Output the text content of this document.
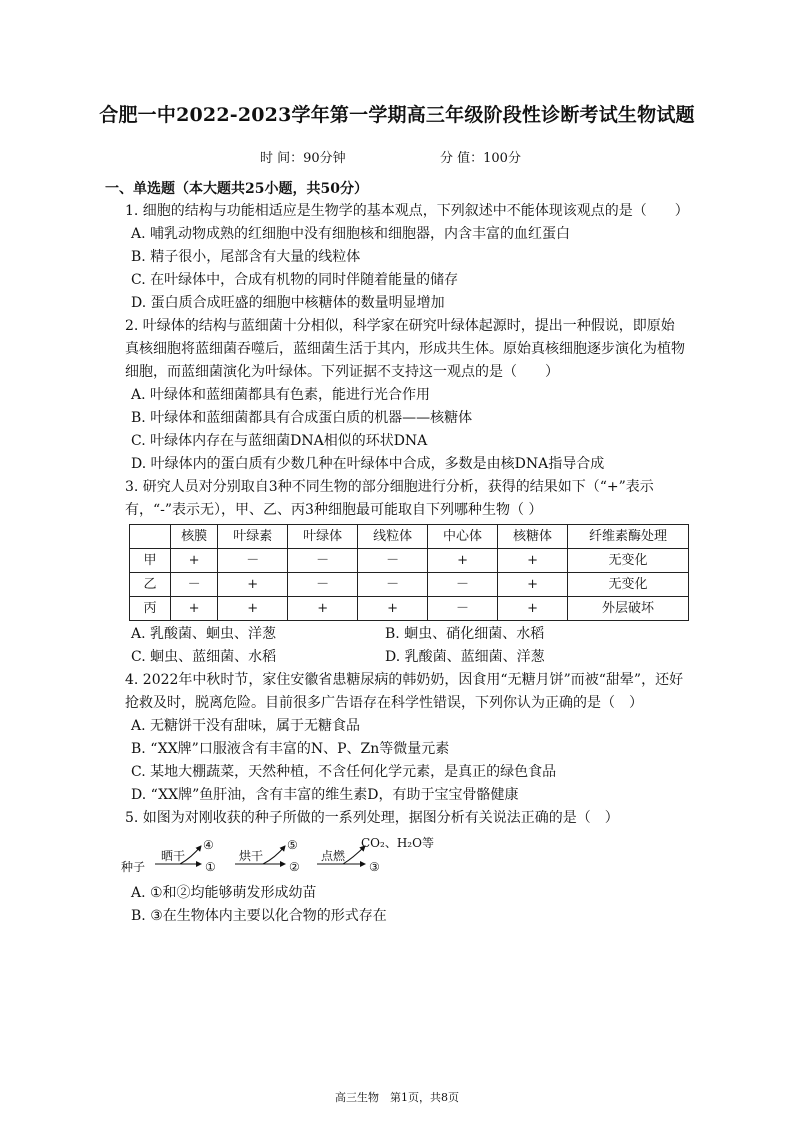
合肥一中2022-2023学年第一学期高三年级阶段性诊断考试生物试题
时 间：90分钟	分 值：100分
一、单选题（本大题共25小题，共50分）

1. 细胞的结构与功能相适应是生物学的基本观点，下列叙述中不能体现该观点的是（　　）

A. 哺乳动物成熟的红细胞中没有细胞核和细胞器，内含丰富的血红蛋白

B. 精子很小，尾部含有大量的线粒体

C. 在叶绿体中，合成有机物的同时伴随着能量的储存

D. 蛋白质合成旺盛的细胞中核糖体的数量明显增加

2. 叶绿体的结构与蓝细菌十分相似，科学家在研究叶绿体起源时，提出一种假说，即原始真核细胞将蓝细菌吞噬后，蓝细菌生活于其内，形成共生体。原始真核细胞逐步演化为植物细胞，而蓝细菌演化为叶绿体。下列证据不支持这一观点的是（　　）

A. 叶绿体和蓝细菌都具有色素，能进行光合作用

B. 叶绿体和蓝细菌都具有合成蛋白质的机器——核糖体

C. 叶绿体内存在与蓝细菌DNA相似的环状DNA

D. 叶绿体内的蛋白质有少数几种在叶绿体中合成，多数是由核DNA指导合成

3. 研究人员对分别取自3种不同生物的部分细胞进行分析，获得的结果如下（“+”表示有，“-”表示无），甲、乙、丙3种细胞最可能取自下列哪种生物（ ）

	核膜	叶绿素	叶绿体	线粒体	中心体	核糖体	纤维素酶处理
甲	+	－	－	－	+	+	无变化
乙	－	+	－	－	－	+	无变化
丙	+	+	+	+	－	+	外层破坏
A. 乳酸菌、蛔虫、洋葱	B. 蛔虫、硝化细菌、水稻
C. 蛔虫、蓝细菌、水稻	D. 乳酸菌、蓝细菌、洋葱

4. 2022年中秋时节，家住安徽省患糖尿病的韩奶奶，因食用“无糖月饼”而被“甜晕”，还好抢救及时，脱离危险。目前很多广告语存在科学性错误，下列你认为正确的是（　）

A. 无糖饼干没有甜味，属于无糖食品

B. “XX牌”口服液含有丰富的N、P、Zn等微量元素

C. 某地大棚蔬菜，天然种植，不含任何化学元素，是真正的绿色食品

D. “XX牌”鱼肝油，含有丰富的维生素D，有助于宝宝骨骼健康

5. 如图为对刚收获的种子所做的一系列处理，据图分析有关说法正确的是（　）

种子
晒干
①
④
烘干
②
⑤
点燃
③
CO₂、H₂O等

A. ①和②均能够萌发形成幼苗

B. ③在生物体内主要以化合物的形式存在

高三生物　第1页，共8页
